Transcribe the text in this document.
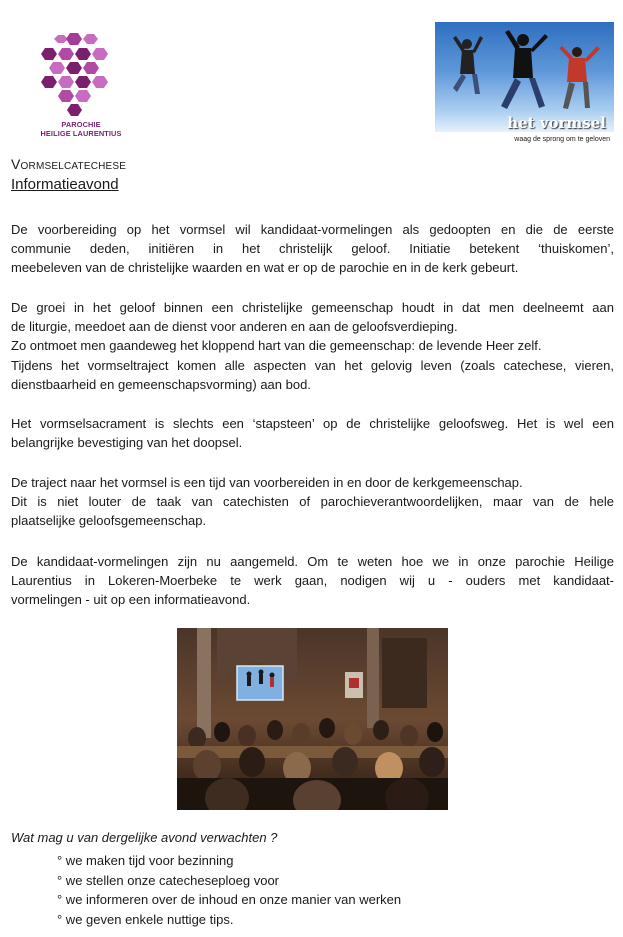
PAROCHIE
HEILIGE LAURENTIUS
het vormsel
waag de sprong om te geloven
Vormselcatechese
Informatieavond

De voorbereiding op het vormsel wil kandidaat-vormelingen als gedoopten en die de eerste
communie deden, initiëren in het christelijk geloof. Initiatie betekent ‘thuiskomen’,
meebeleven van de christelijke waarden en wat er op de parochie en in de kerk gebeurt.

De groei in het geloof binnen een christelijke gemeenschap houdt in dat men deelneemt aan
de liturgie, meedoet aan de dienst voor anderen en aan de geloofsverdieping.
Zo ontmoet men gaandeweg het kloppend hart van die gemeenschap: de levende Heer zelf.
Tijdens het vormseltraject komen alle aspecten van het gelovig leven (zoals catechese, vieren,
dienstbaarheid en gemeenschapsvorming) aan bod.

Het vormselsacrament is slechts een ‘stapsteen’ op de christelijke geloofsweg. Het is wel een
belangrijke bevestiging van het doopsel.

De traject naar het vormsel is een tijd van voorbereiden in en door de kerkgemeenschap.
Dit is niet louter de taak van catechisten of parochieverantwoordelijken, maar van de hele
plaatselijke geloofsgemeenschap.

De kandidaat-vormelingen zijn nu aangemeld. Om te weten hoe we in onze parochie Heilige
Laurentius in Lokeren-Moerbeke te werk gaan, nodigen wij u - ouders met kandidaat-
vormelingen - uit op een informatieavond.

Wat mag u van dergelijke avond verwachten ?
° we maken tijd voor bezinning
° we stellen onze catecheseploeg voor
° we informeren over de inhoud en onze manier van werken
° we geven enkele nuttige tips.
